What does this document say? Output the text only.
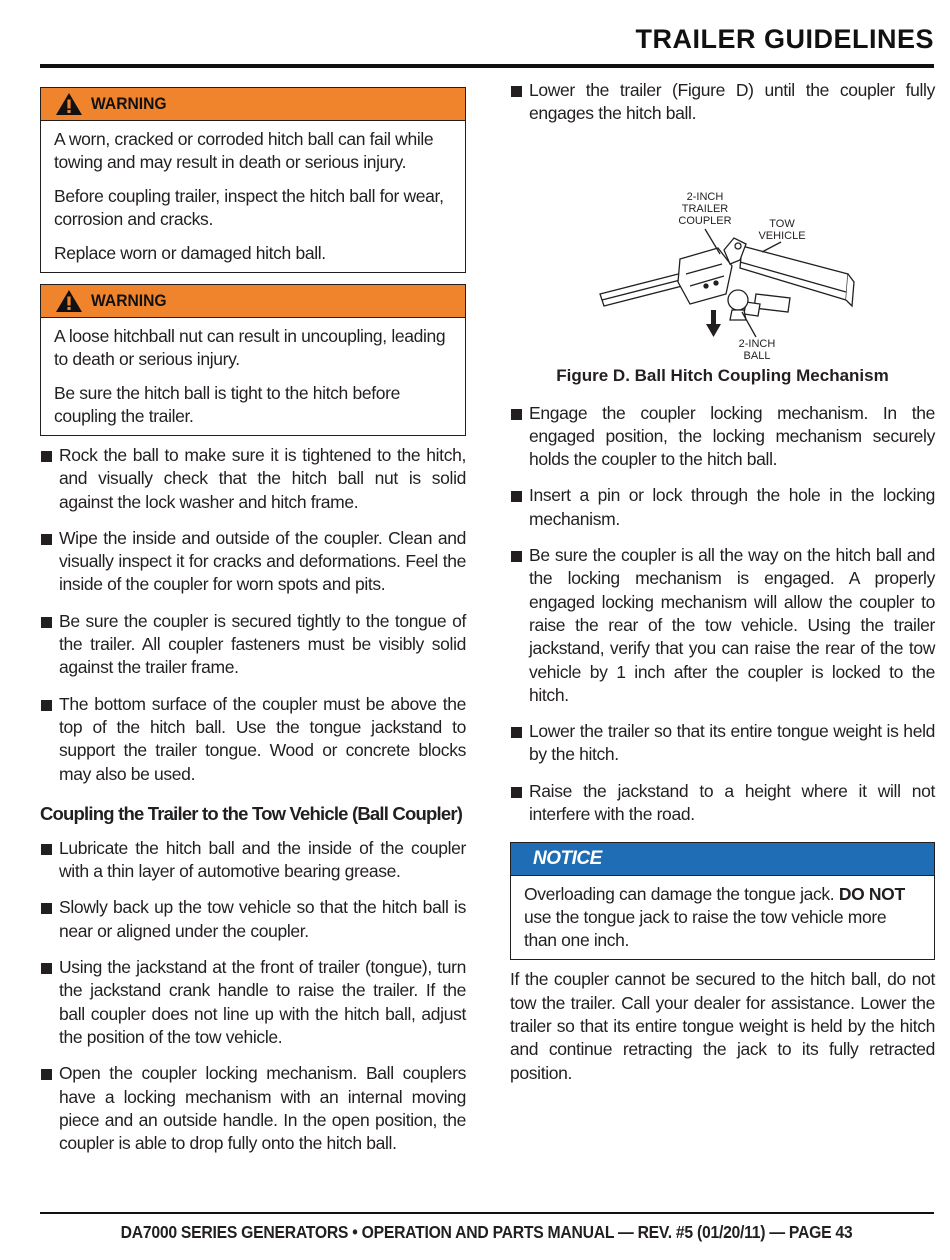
TRAILER GUIDELINES
WARNING

A worn, cracked or corroded hitch ball can fail while towing and may result in death or serious injury.

Before coupling trailer, inspect the hitch ball for wear, corrosion and cracks.

Replace worn or damaged hitch ball.

WARNING

A loose hitchball nut can result in uncoupling, leading to death or serious injury.

Be sure the hitch ball is tight to the hitch before coupling the trailer.

Rock the ball to make sure it is tightened to the hitch, and visually check that the hitch ball nut is solid against the lock washer and hitch frame.
Wipe the inside and outside of the coupler. Clean and visually inspect it for cracks and deformations. Feel the inside of the coupler for worn spots and pits.
Be sure the coupler is secured tightly to the tongue of the trailer. All coupler fasteners must be visibly solid against the trailer frame.
The bottom surface of the coupler must be above the top of the hitch ball. Use the tongue jackstand to support the trailer tongue. Wood or concrete blocks may also be used.
Coupling the Trailer to the Tow Vehicle (Ball Coupler)
Lubricate the hitch ball and the inside of the coupler with a thin layer of automotive bearing grease.
Slowly back up the tow vehicle so that the hitch ball is near or aligned under the coupler.
Using the jackstand at the front of trailer (tongue), turn the jackstand crank handle to raise the trailer. If the ball coupler does not line up with the hitch ball, adjust the position of the tow vehicle.
Open the coupler locking mechanism. Ball couplers have a locking mechanism with an internal moving piece and an outside handle. In the open position, the coupler is able to drop fully onto the hitch ball.
Lower the trailer (Figure D) until the coupler fully engages the hitch ball.
2-INCH TRAILER COUPLER	TOW VEHICLE
2-INCH BALL
Figure D. Ball Hitch Coupling Mechanism
Engage the coupler locking mechanism. In the engaged position, the locking mechanism securely holds the coupler to the hitch ball.
Insert a pin or lock through the hole in the locking mechanism.
Be sure the coupler is all the way on the hitch ball and the locking mechanism is engaged. A properly engaged locking mechanism will allow the coupler to raise the rear of the tow vehicle. Using the trailer jackstand, verify that you can raise the rear of the tow vehicle by 1 inch after the coupler is locked to the hitch.
Lower the trailer so that its entire tongue weight is held by the hitch.
Raise the jackstand to a height where it will not interfere with the road.
NOTICE

Overloading can damage the tongue jack. DO NOT use the tongue jack to raise the tow vehicle more than one inch.

If the coupler cannot be secured to the hitch ball, do not tow the trailer. Call your dealer for assistance. Lower the trailer so that its entire tongue weight is held by the hitch and continue retracting the jack to its fully retracted position.
DA7000 SERIES GENERATORS • OPERATION AND PARTS MANUAL — REV. #5 (01/20/11) — PAGE 43
